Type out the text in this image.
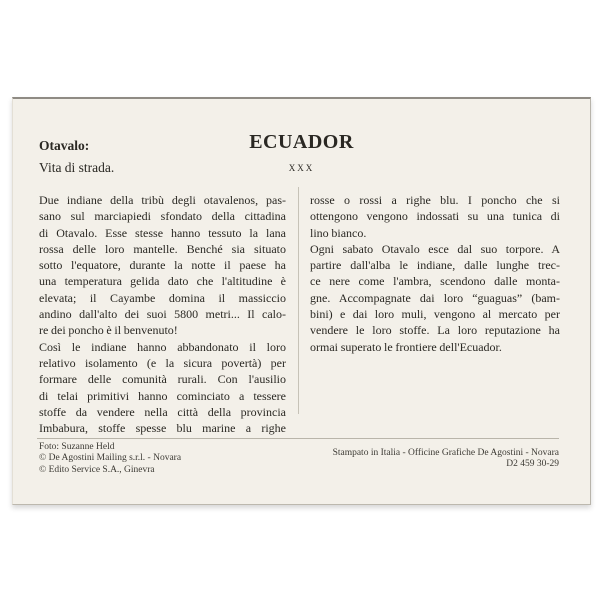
ECUADOR
XXX
Otavalo:
Vita di strada.
Due indiane della tribù degli otavalenos, pas-
sano sul marciapiedi sfondato della cittadina
di Otavalo. Esse stesse hanno tessuto la lana
rossa delle loro mantelle. Benché sia situato
sotto l'equatore, durante la notte il paese ha
una temperatura gelida dato che l'altitudine è
elevata; il Cayambe domina il massiccio
andino dall'alto dei suoi 5800 metri... Il calo-
re dei poncho è il benvenuto!
Così le indiane hanno abbandonato il loro
relativo isolamento (e la sicura povertà) per
formare delle comunità rurali. Con l'ausilio
di telai primitivi hanno cominciato a tessere
stoffe da vendere nella città della provincia
Imbabura, stoffe spesse blu marine a righe
rosse o rossi a righe blu. I poncho che si
ottengono vengono indossati su una tunica di
lino bianco.
Ogni sabato Otavalo esce dal suo torpore. A
partire dall'alba le indiane, dalle lunghe trec-
ce nere come l'ambra, scendono dalle monta-
gne. Accompagnate dai loro “guaguas” (bam-
bini) e dai loro muli, vengono al mercato per
vendere le loro stoffe. La loro reputazione ha
ormai superato le frontiere dell'Ecuador.
Foto: Suzanne Held
© De Agostini Mailing s.r.l. - Novara
© Edito Service S.A., Ginevra
Stampato in Italia - Officine Grafiche De Agostini - Novara
D2 459 30-29
